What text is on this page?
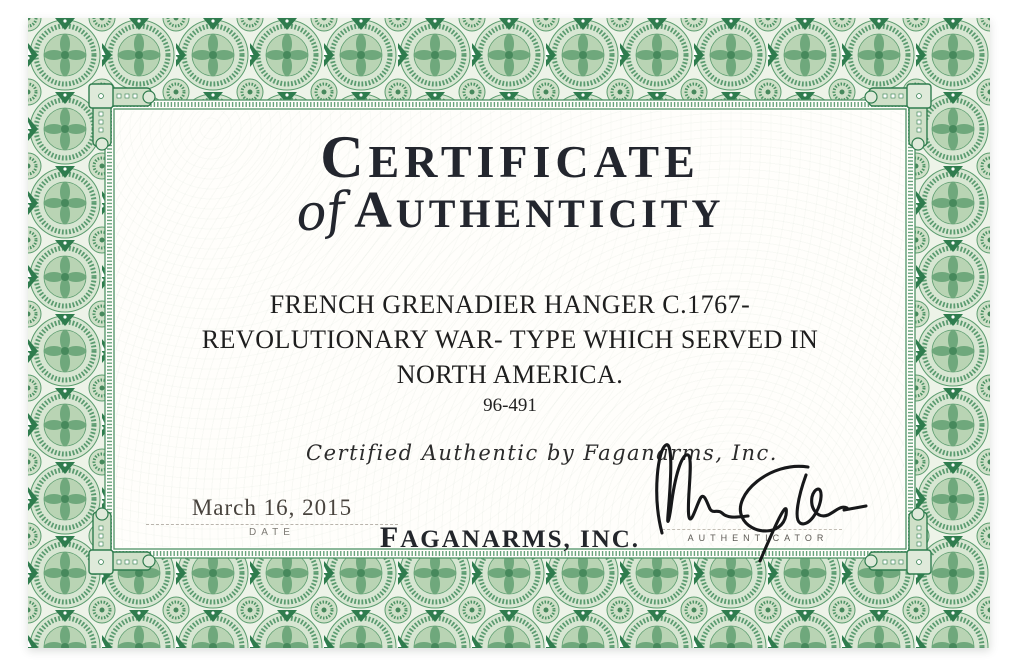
CERTIFICATE
of AUTHENTICITY
FRENCH GRENADIER HANGER C.1767-
REVOLUTIONARY WAR- TYPE WHICH SERVED IN
NORTH AMERICA.
96-491
Certified Authentic by Faganarms, Inc.
March 16, 2015
DATE	FAGANARMS, INC.	AUTHENTICATOR
